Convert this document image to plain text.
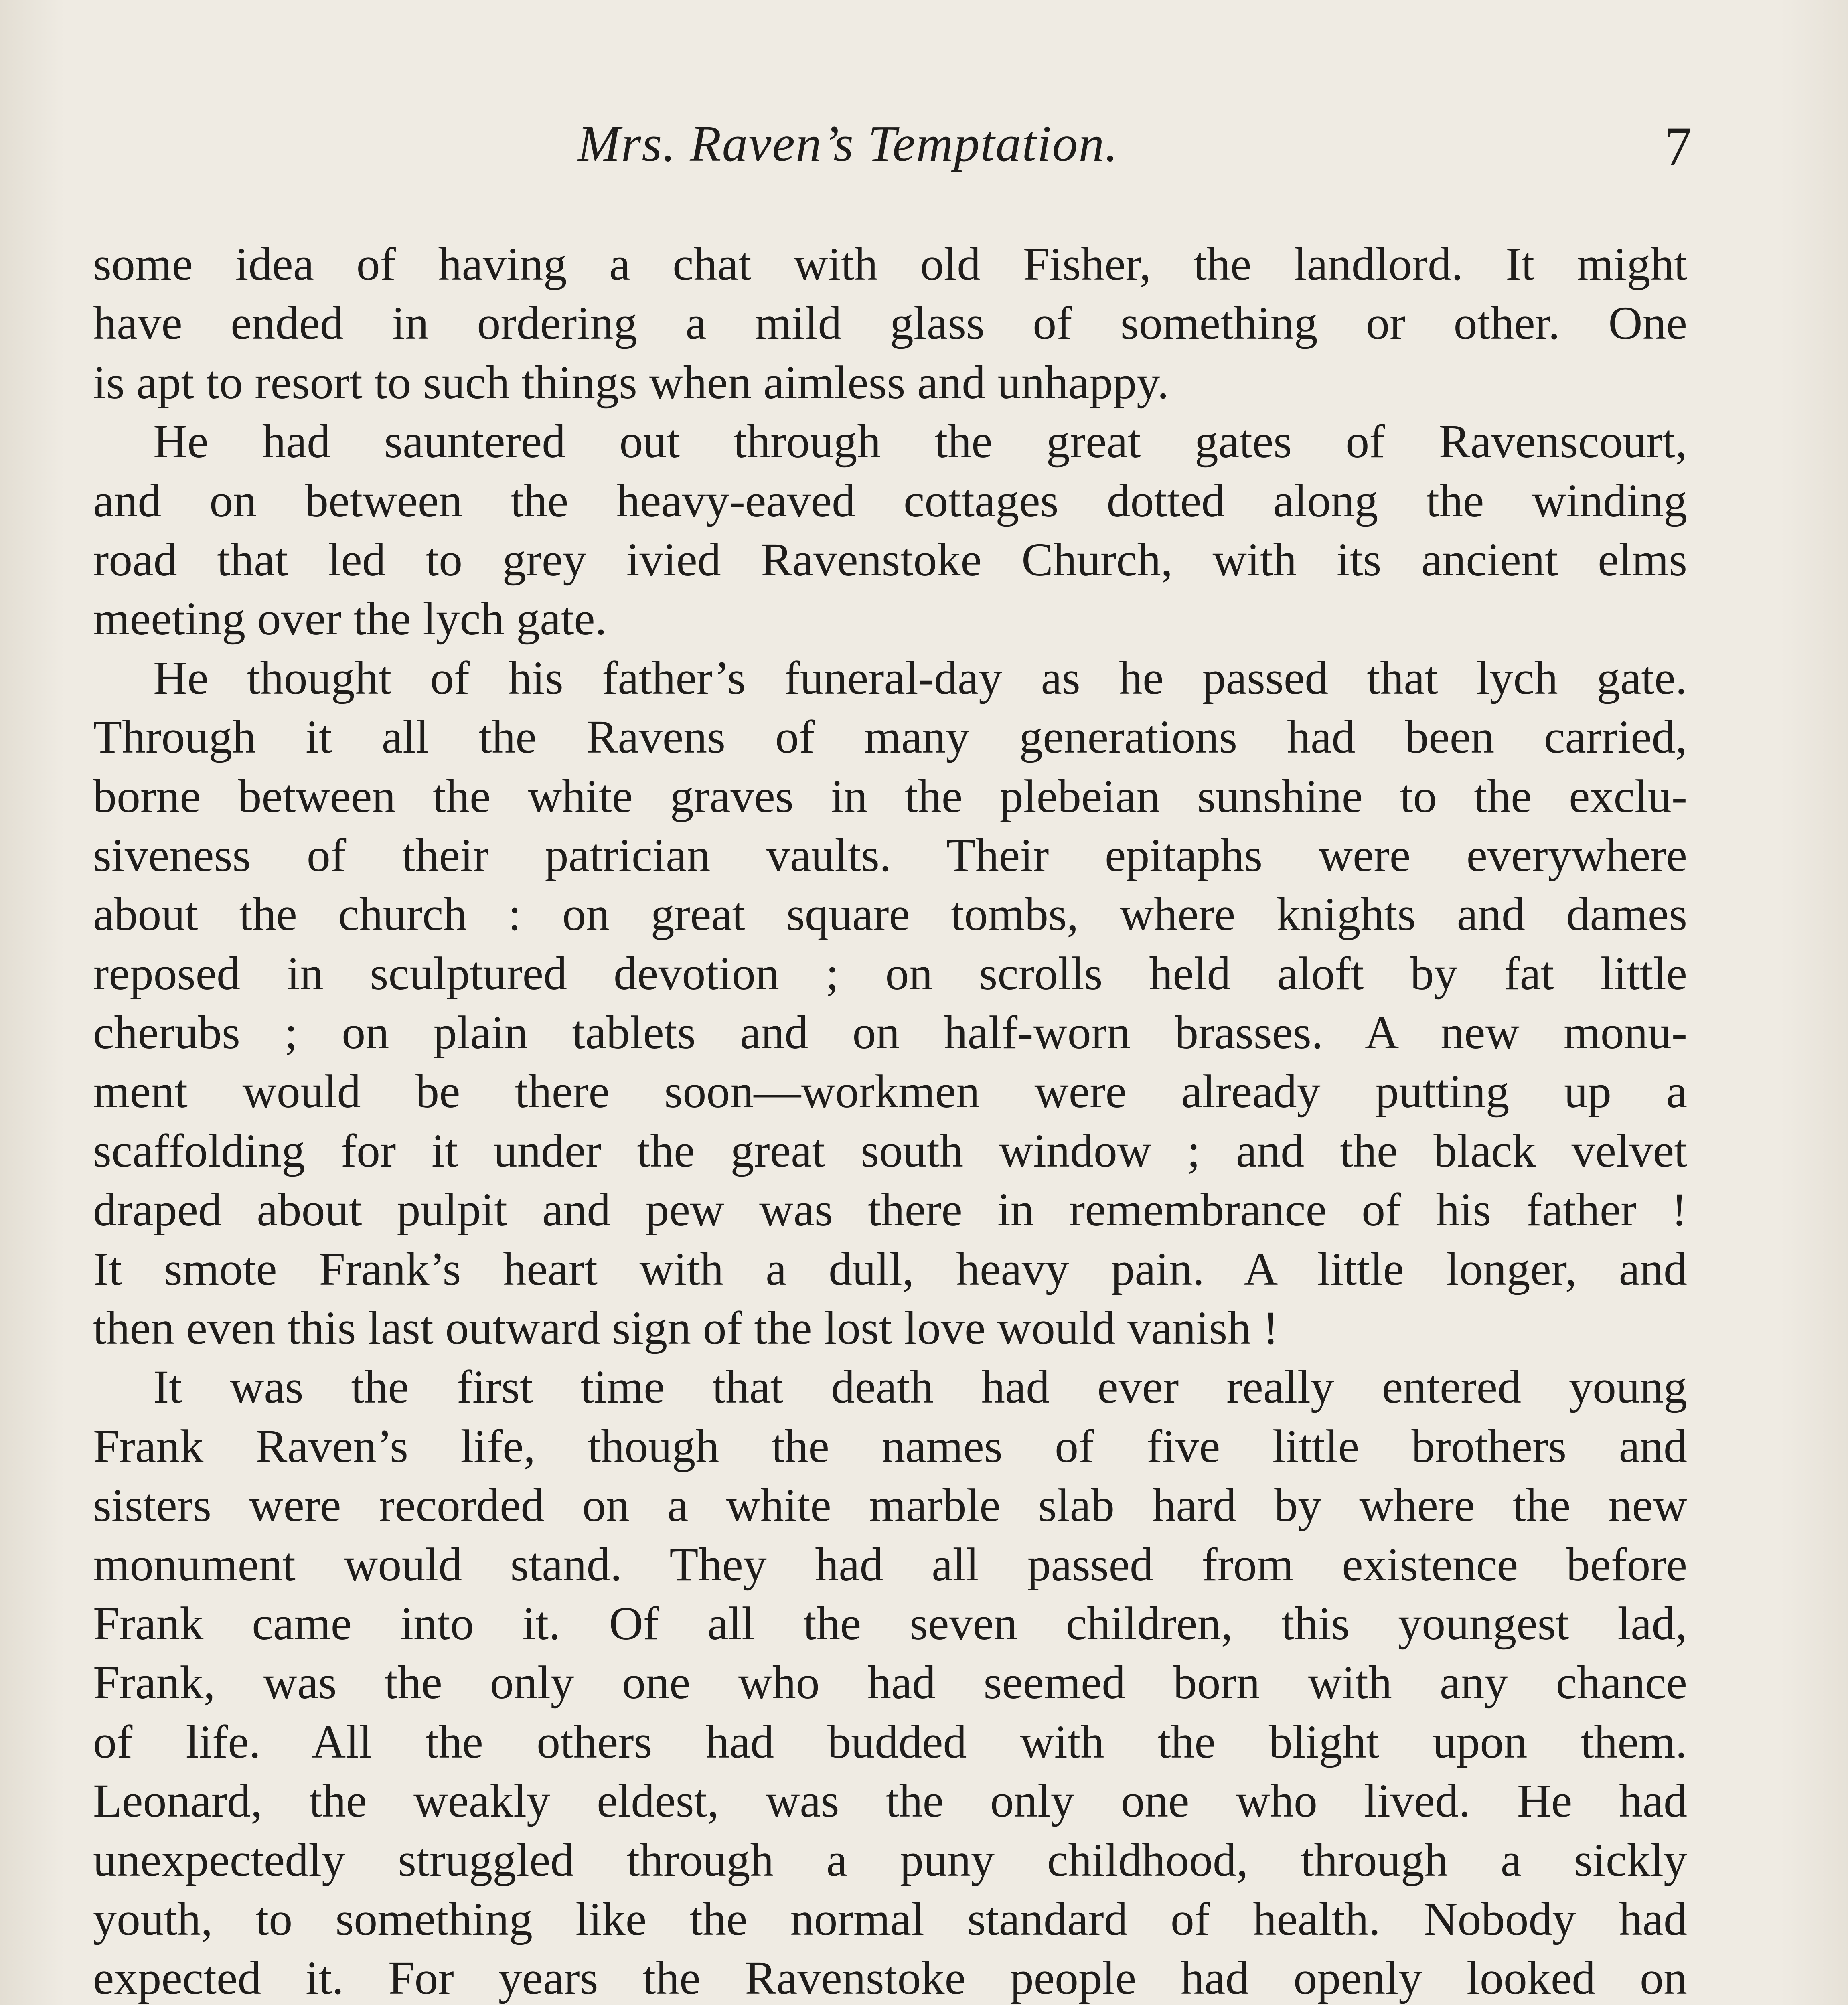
Mrs. Raven’s Temptation.	7
some idea of having a chat with old Fisher, the landlord. It might
have ended in ordering a mild glass of something or other. One
is apt to resort to such things when aimless and unhappy.
He had sauntered out through the great gates of Ravenscourt,
and on between the heavy-eaved cottages dotted along the winding
road that led to grey ivied Ravenstoke Church, with its ancient elms
meeting over the lych gate.
He thought of his father’s funeral-day as he passed that lych gate.
Through it all the Ravens of many generations had been carried,
borne between the white graves in the plebeian sunshine to the exclu-
siveness of their patrician vaults. Their epitaphs were everywhere
about the church : on great square tombs, where knights and dames
reposed in sculptured devotion ; on scrolls held aloft by fat little
cherubs ; on plain tablets and on half-worn brasses. A new monu-
ment would be there soon—workmen were already putting up a
scaffolding for it under the great south window ; and the black velvet
draped about pulpit and pew was there in remembrance of his father !
It smote Frank’s heart with a dull, heavy pain. A little longer, and
then even this last outward sign of the lost love would vanish !
It was the first time that death had ever really entered young
Frank Raven’s life, though the names of five little brothers and
sisters were recorded on a white marble slab hard by where the new
monument would stand. They had all passed from existence before
Frank came into it. Of all the seven children, this youngest lad,
Frank, was the only one who had seemed born with any chance
of life. All the others had budded with the blight upon them.
Leonard, the weakly eldest, was the only one who lived. He had
unexpectedly struggled through a puny childhood, through a sickly
youth, to something like the normal standard of health. Nobody had
expected it. For years the Ravenstoke people had openly looked on
